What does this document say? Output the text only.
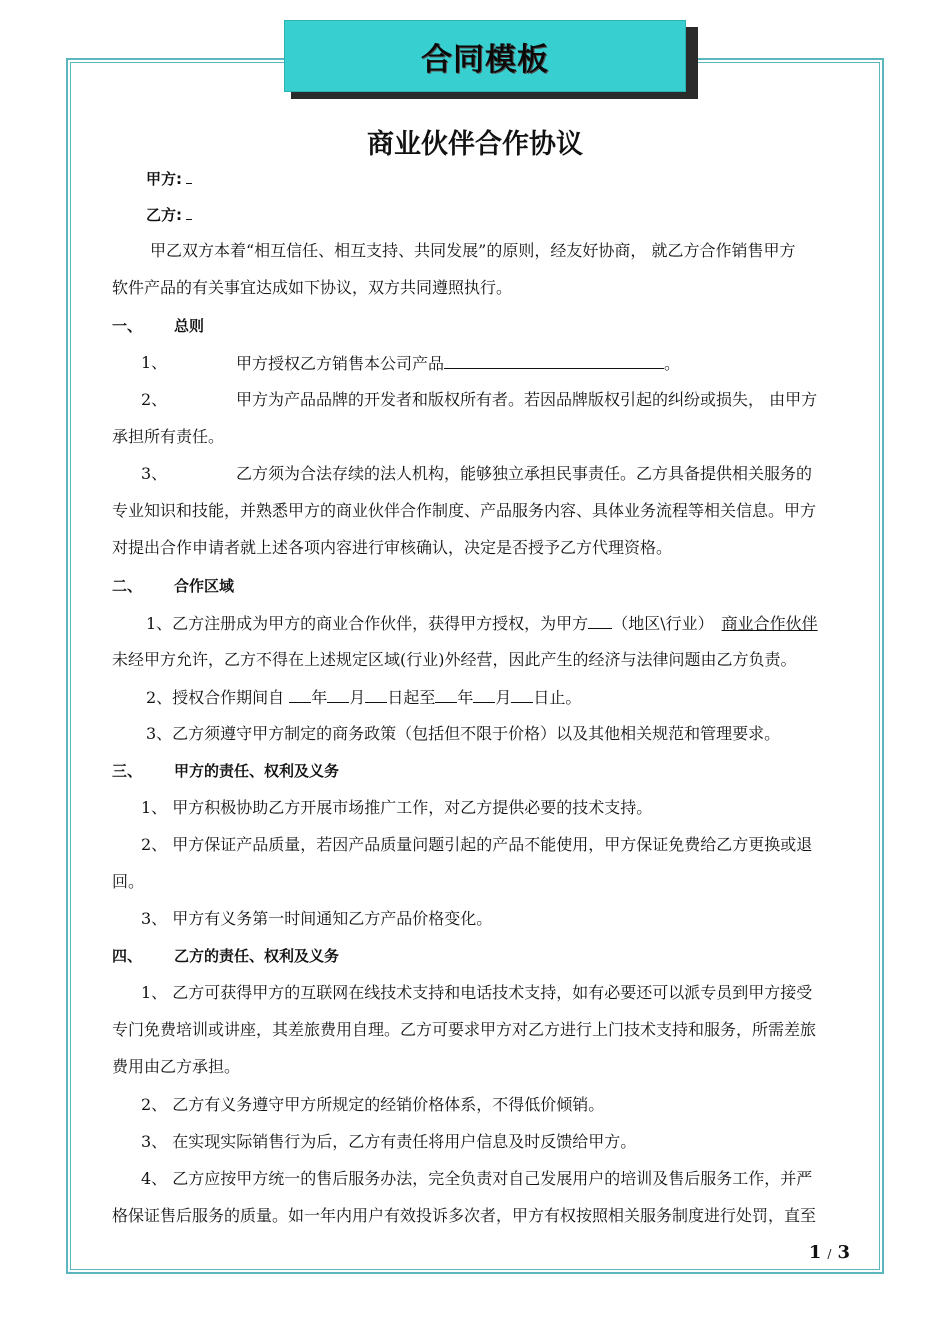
合同模板
商业伙伴合作协议
甲方:
乙方:
甲乙双方本着“相互信任、相互支持、共同发展”的原则，经友好协商， 就乙方合作销售甲方
软件产品的有关事宜达成如下协议，双方共同遵照执行。
一、 总则
1、	甲方授权乙方销售本公司产品	。
2、	甲方为产品品牌的开发者和版权所有者。若因品牌版权引起的纠纷或损失， 由甲方
承担所有责任。
3、	乙方须为合法存续的法人机构，能够独立承担民事责任。乙方具备提供相关服务的
专业知识和技能，并熟悉甲方的商业伙伴合作制度、产品服务内容、具体业务流程等相关信息。甲方
对提出合作申请者就上述各项内容进行审核确认，决定是否授予乙方代理资格。
二、 合作区域
1、乙方注册成为甲方的商业合作伙伴，获得甲方授权，为甲方 （地区\行业） 商业合作伙伴
未经甲方允许，乙方不得在上述规定区域(行业)外经营，因此产生的经济与法律问题由乙方负责。
2、授权合作期间自 年 月 日起至 年 月 日止。
3、乙方须遵守甲方制定的商务政策（包括但不限于价格）以及其他相关规范和管理要求。
三、 甲方的责任、权利及义务
1、 甲方积极协助乙方开展市场推广工作，对乙方提供必要的技术支持。
2、 甲方保证产品质量，若因产品质量问题引起的产品不能使用，甲方保证免费给乙方更换或退
回。
3、 甲方有义务第一时间通知乙方产品价格变化。
四、 乙方的责任、权利及义务
1、 乙方可获得甲方的互联网在线技术支持和电话技术支持，如有必要还可以派专员到甲方接受
专门免费培训或讲座，其差旅费用自理。乙方可要求甲方对乙方进行上门技术支持和服务，所需差旅
费用由乙方承担。
2、 乙方有义务遵守甲方所规定的经销价格体系，不得低价倾销。
3、 在实现实际销售行为后，乙方有责任将用户信息及时反馈给甲方。
4、 乙方应按甲方统一的售后服务办法，完全负责对自己发展用户的培训及售后服务工作，并严
格保证售后服务的质量。如一年内用户有效投诉多次者，甲方有权按照相关服务制度进行处罚，直至
1 / 3
